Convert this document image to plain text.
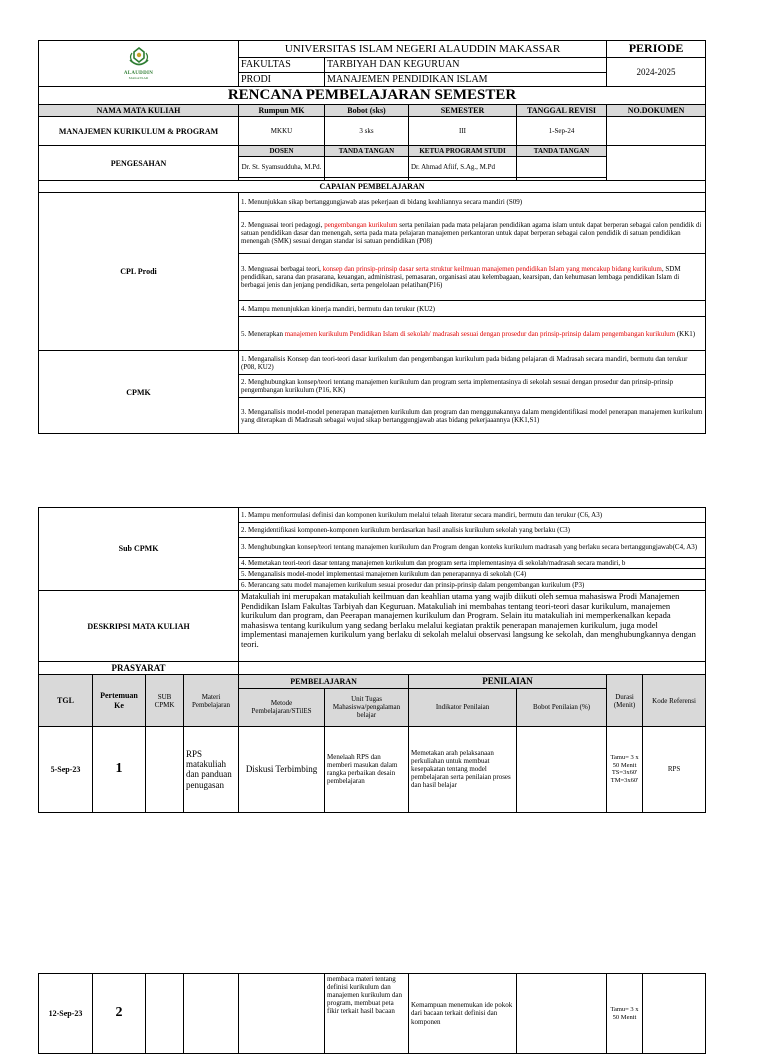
ALAUDDIN
MAKASSAR	UNIVERSITAS ISLAM NEGERI ALAUDDIN MAKASSAR				PERIODE
	FAKULTAS	TARBIYAH DAN KEGURUAN			2024-2025
	PRODI	MANAJEMEN PENDIDIKAN ISLAM			
RENCANA PEMBELAJARAN SEMESTER					
NAMA MATA KULIAH	Rumpun MK	Bobot (sks)	SEMESTER	TANGGAL REVISI	NO.DOKUMEN
MANAJEMEN KURIKULUM & PROGRAM	MKKU	3 sks	III	1-Sep-24	
PENGESAHAN	DOSEN	TANDA TANGAN	KETUA PROGRAM STUDI	TANDA TANGAN	
	Dr. St. Syamsudduha, M.Pd.		Dr. Ahmad Afiif, S.Ag., M.Pd		

CAPAIAN PEMBELAJARAN					
CPL Prodi	1. Menunjukkan sikap bertanggungjawab atas pekerjaan di bidang keahliannya secara mandiri (S09)				
	2. Menguasai teori pedagogi, pengembangan kurikulum serta penilaian pada mata pelajaran pendidikan agama islam untuk dapat berperan sebagai calon pendidik di satuan pendidikan dasar dan menengah, serta pada mata pelajaran manajemen perkantoran untuk dapat berperan sebagai calon pendidik di satuan pendidikan menengah (SMK) sesuai dengan standar isi satuan pendidikan (P08)				
	3. Menguasai berbagai teori, konsep dan prinsip-prinsip dasar serta struktur keilmuan manajemen pendidikan Islam yang mencakup bidang kurikulum, SDM pendidikan, sarana dan prasarana, keuangan, administrasi, pemasaran, organisasi atau kelembagaan, kearsipan, dan kehumasan lembaga pendidikan Islam di berbagai jenis dan jenjang pendidikan, serta pengelolaan pelatihan(P16)				
	4. Mampu menunjukkan kinerja mandiri, bermutu dan terukur (KU2)				
	5. Menerapkan manajemen kurikulum Pendidikan Islam di sekolah/ madrasah sesuai dengan prosedur dan prinsip-prinsip dalam pengembangan kurikulum (KK1)				
CPMK	1. Menganalisis Konsep dan teori-teori dasar kurikulum dan pengembangan kurikulum pada bidang pelajaran di Madrasah secara mandiri, bermutu dan terukur (P08, KU2)				
	2. Menghubungkan konsep/teori tentang manajemen kurikulum dan program serta implementasinya di sekolah sesuai dengan prosedur dan prinsip-prinsip pengembangan kurikulum (P16, KK)				
	3. Menganalisis model-model penerapan manajemen kurikulum dan program dan menggunakannya dalam mengidentifikasi model penerapan manajemen kurikulum yang diterapkan di Madrasah sebagai wujud sikap bertanggungjawab atas bidang pekerjaaannya (KK1,S1)				
Sub CPMK				1. Mampu menformulasi definisi dan komponen kurikulum melalui telaah literatur secara mandiri, bermutu dan terukur (C6, A3)					
				2. Mengidentifikasi komponen-komponen kurikulum berdasarkan hasil analisis kurikulum sekolah yang berlaku (C3)					
				3. Menghubungkan konsep/teori tentang manajemen kurikulum dan Program dengan konteks kurikulum madrasah yang berlaku secara bertanggungjawab(C4, A3)					
				4. Memetakan teori-teori dasar tentang manajemen kurikulum dan program serta implementasinya di sekolah/madrasah secara mandiri, b					
				5. Menganalisis model-model implementasi manajemen kurikulum dan penerapannya di sekolah (C4)					
				6. Merancang satu model manajemen kurikulum sesuai prosedur dan prinsip-prinsip dalam pengembangan kurikulum (P3)					
DESKRIPSI MATA KULIAH				Matakuliah ini merupakan matakuliah keilmuan dan keahlian utama yang wajib diikuti oleh semua mahasiswa Prodi Manajemen Pendidikan Islam Fakultas Tarbiyah dan Keguruan. Matakuliah ini membahas tentang teori-teori dasar kurikulum, manajemen kurikulum dan program, dan Peerapan manajemen kurikulum dan Program. Selain itu matakuliah ini memperkenalkan kepada mahasiswa tentang kurikulum yang sedang berlaku melalui kegiatan praktik penerapan manajemen kurikulum, juga model implementasi manajemen kurikulum yang berlaku di sekolah melalui observasi langsung ke sekolah, dan menghubungkannya dengan teori.					
PRASYARAT									
TGL	Pertemuan Ke	SUB CPMK	Materi Pembelajaran	PEMBELAJARAN		PENILAIAN		Durasi (Menit)	Kode Referensi
				Metode Pembelajaran/STilES	Unit Tugas Mahasiswa/pengalaman belajar	Indikator Penilaian	Bobot Penilaian (%)		
5-Sep-23	1		RPS matakuliah dan panduan penugasan	Diskusi Terbimbing	Menelaah RPS dan memberi masukan dalam rangka perbaikan desain pembelajaran	Memetakan arah pelaksanaan perkuliahan untuk membuat kesepakatan tentang model pembelajaran serta penilaian proses dan hasil belajar		Tamu= 3 x 50 Menit TS=3x60' TM=3x60'	RPS
12-Sep-23	2				membaca materi tentang definisi kurikulum dan manajemen kurikulum dan program, membuat peta fikir terkait hasil bacaan	Kemampuan menemukan ide pokok dari bacaan terkait definisi dan komponen		Tamu= 3 x 50 Menit	
